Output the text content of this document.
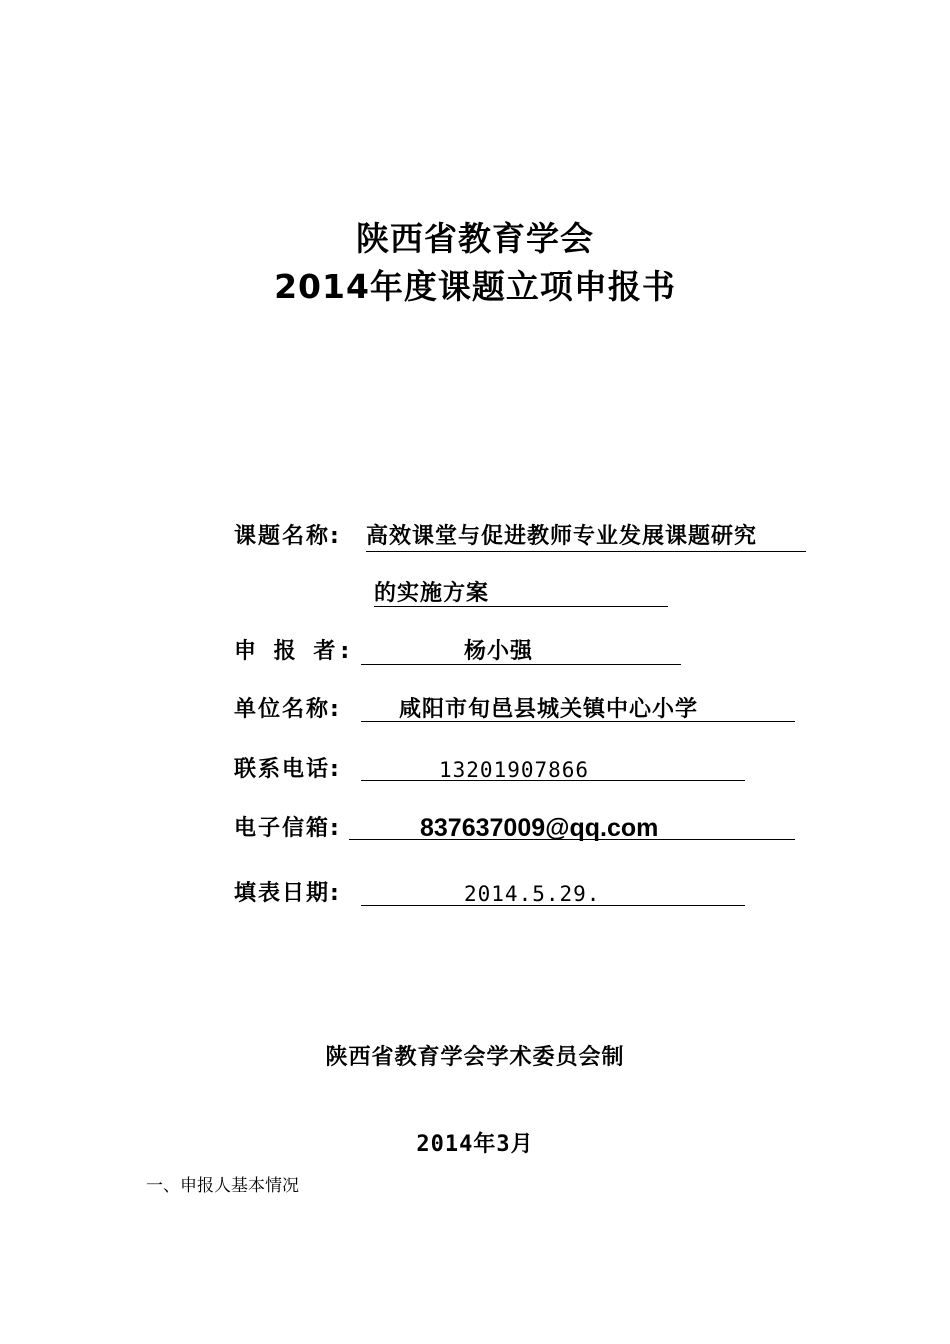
陕西省教育学会
2014年度课题立项申报书
课题名称: 高效课堂与促进教师专业发展课题研究
的实施方案
申 报 者:	杨小强
单位名称:	咸阳市旬邑县城关镇中心小学
联系电话:	13201907866
电子信箱:	837637009@qq.com
填表日期:	2014.5.29.
陕西省教育学会学术委员会制
2014年3月
一、申报人基本情况
